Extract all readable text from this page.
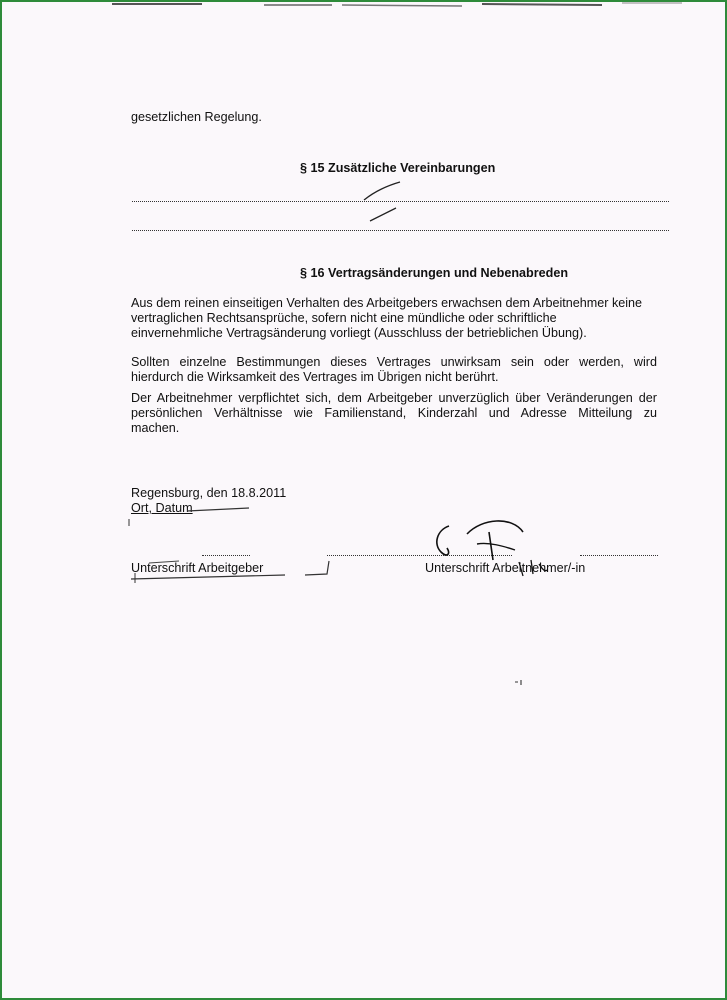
gesetzlichen Regelung.
§ 15 Zusätzliche Vereinbarungen
§ 16 Vertragsänderungen und Nebenabreden
Aus dem reinen einseitigen Verhalten des Arbeitgebers erwachsen dem Arbeitnehmer keine
vertraglichen Rechtsansprüche, sofern nicht eine mündliche oder schriftliche
einvernehmliche Vertragsänderung vorliegt (Ausschluss der betrieblichen Übung).
Sollten einzelne Bestimmungen dieses Vertrages unwirksam sein oder werden, wird
hierdurch die Wirksamkeit des Vertrages im Übrigen nicht berührt.
Der Arbeitnehmer verpflichtet sich, dem Arbeitgeber unverzüglich über Veränderungen der
persönlichen Verhältnisse wie Familienstand, Kinderzahl und Adresse Mitteilung zu
machen.
Regensburg, den 18.8.2011
Ort, Datum
Unterschrift Arbeitgeber	Unterschrift Arbeitnehmer/-in
